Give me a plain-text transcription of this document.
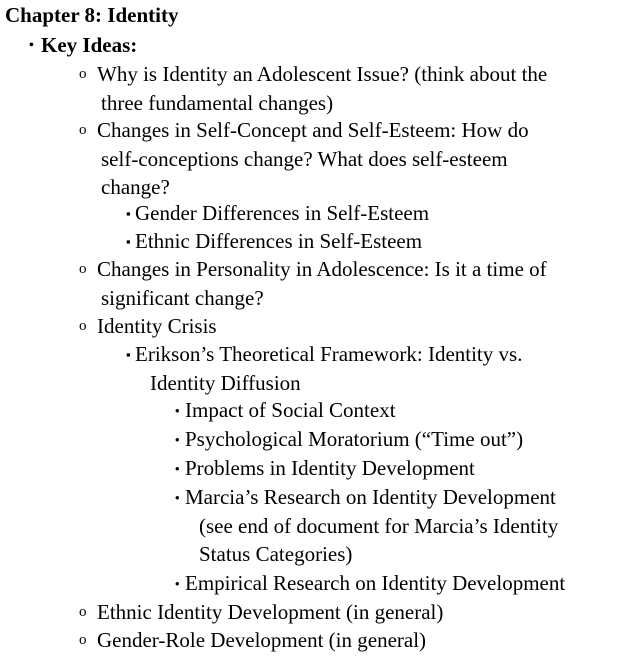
Chapter 8: Identity
• Key Ideas:
o Why is Identity an Adolescent Issue? (think about the
three fundamental changes)
o Changes in Self-Concept and Self-Esteem: How do
self-conceptions change? What does self-esteem
change?
▪ Gender Differences in Self-Esteem
▪ Ethnic Differences in Self-Esteem
o Changes in Personality in Adolescence: Is it a time of
significant change?
o Identity Crisis
▪ Erikson’s Theoretical Framework: Identity vs.
Identity Diffusion
• Impact of Social Context
• Psychological Moratorium (“Time out”)
• Problems in Identity Development
• Marcia’s Research on Identity Development
(see end of document for Marcia’s Identity
Status Categories)
• Empirical Research on Identity Development
o Ethnic Identity Development (in general)
o Gender-Role Development (in general)
